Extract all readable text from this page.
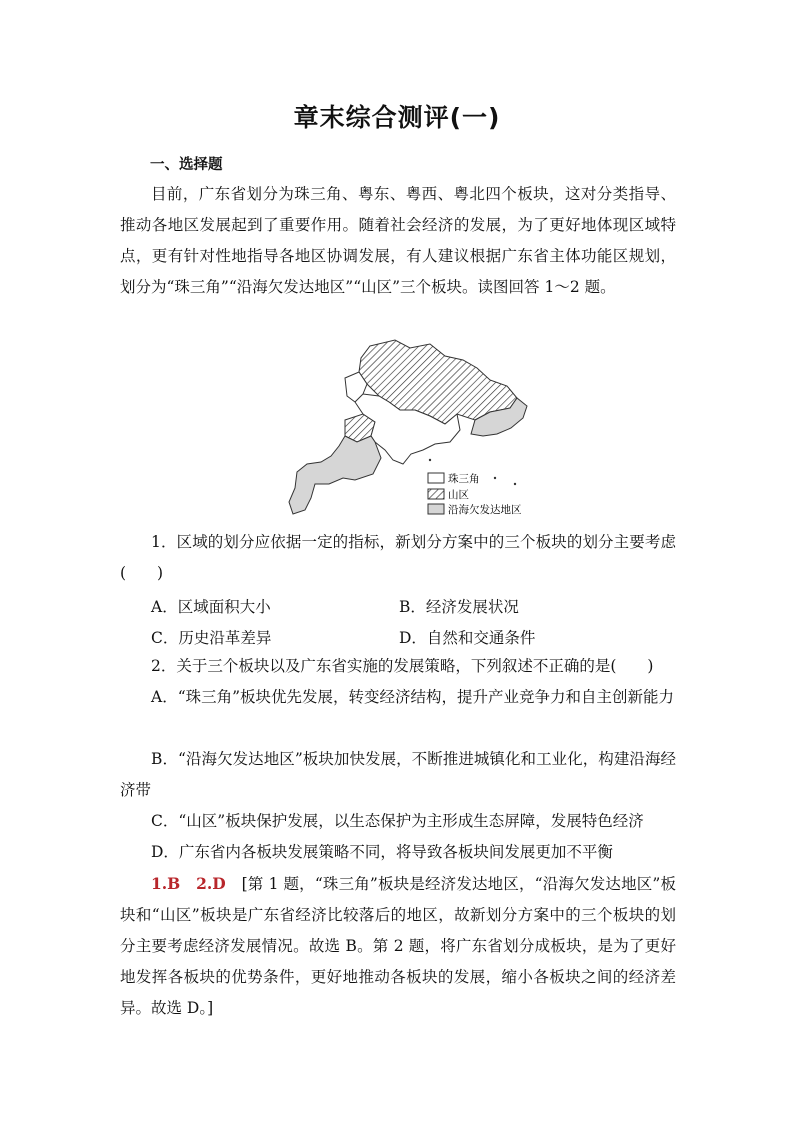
章末综合测评(一)
一、选择题

目前，广东省划分为珠三角、粤东、粤西、粤北四个板块，这对分类指导、推动各地区发展起到了重要作用。随着社会经济的发展，为了更好地体现区域特点，更有针对性地指导各地区协调发展，有人建议根据广东省主体功能区规划，划分为“珠三角”“沿海欠发达地区”“山区”三个板块。读图回答 1～2 题。

珠三角
山区
沿海欠发达地区

1．区域的划分应依据一定的指标，新划分方案中的三个板块的划分主要考虑(　　)

A．区域面积大小	B．经济发展状况
C．历史沿革差异	D．自然和交通条件

2．关于三个板块以及广东省实施的发展策略，下列叙述不正确的是(　　)

A．“珠三角”板块优先发展，转变经济结构，提升产业竞争力和自主创新能力

B．“沿海欠发达地区”板块加快发展，不断推进城镇化和工业化，构建沿海经济带

C．“山区”板块保护发展，以生态保护为主形成生态屏障，发展特色经济

D．广东省内各板块发展策略不同，将导致各板块间发展更加不平衡

1.B　2.D　 [第 1 题，“珠三角”板块是经济发达地区，“沿海欠发达地区”板块和“山区”板块是广东省经济比较落后的地区，故新划分方案中的三个板块的划分主要考虑经济发展情况。故选 B。第 2 题，将广东省划分成板块，是为了更好地发挥各板块的优势条件，更好地推动各板块的发展，缩小各板块之间的经济差异。故选 D。]
